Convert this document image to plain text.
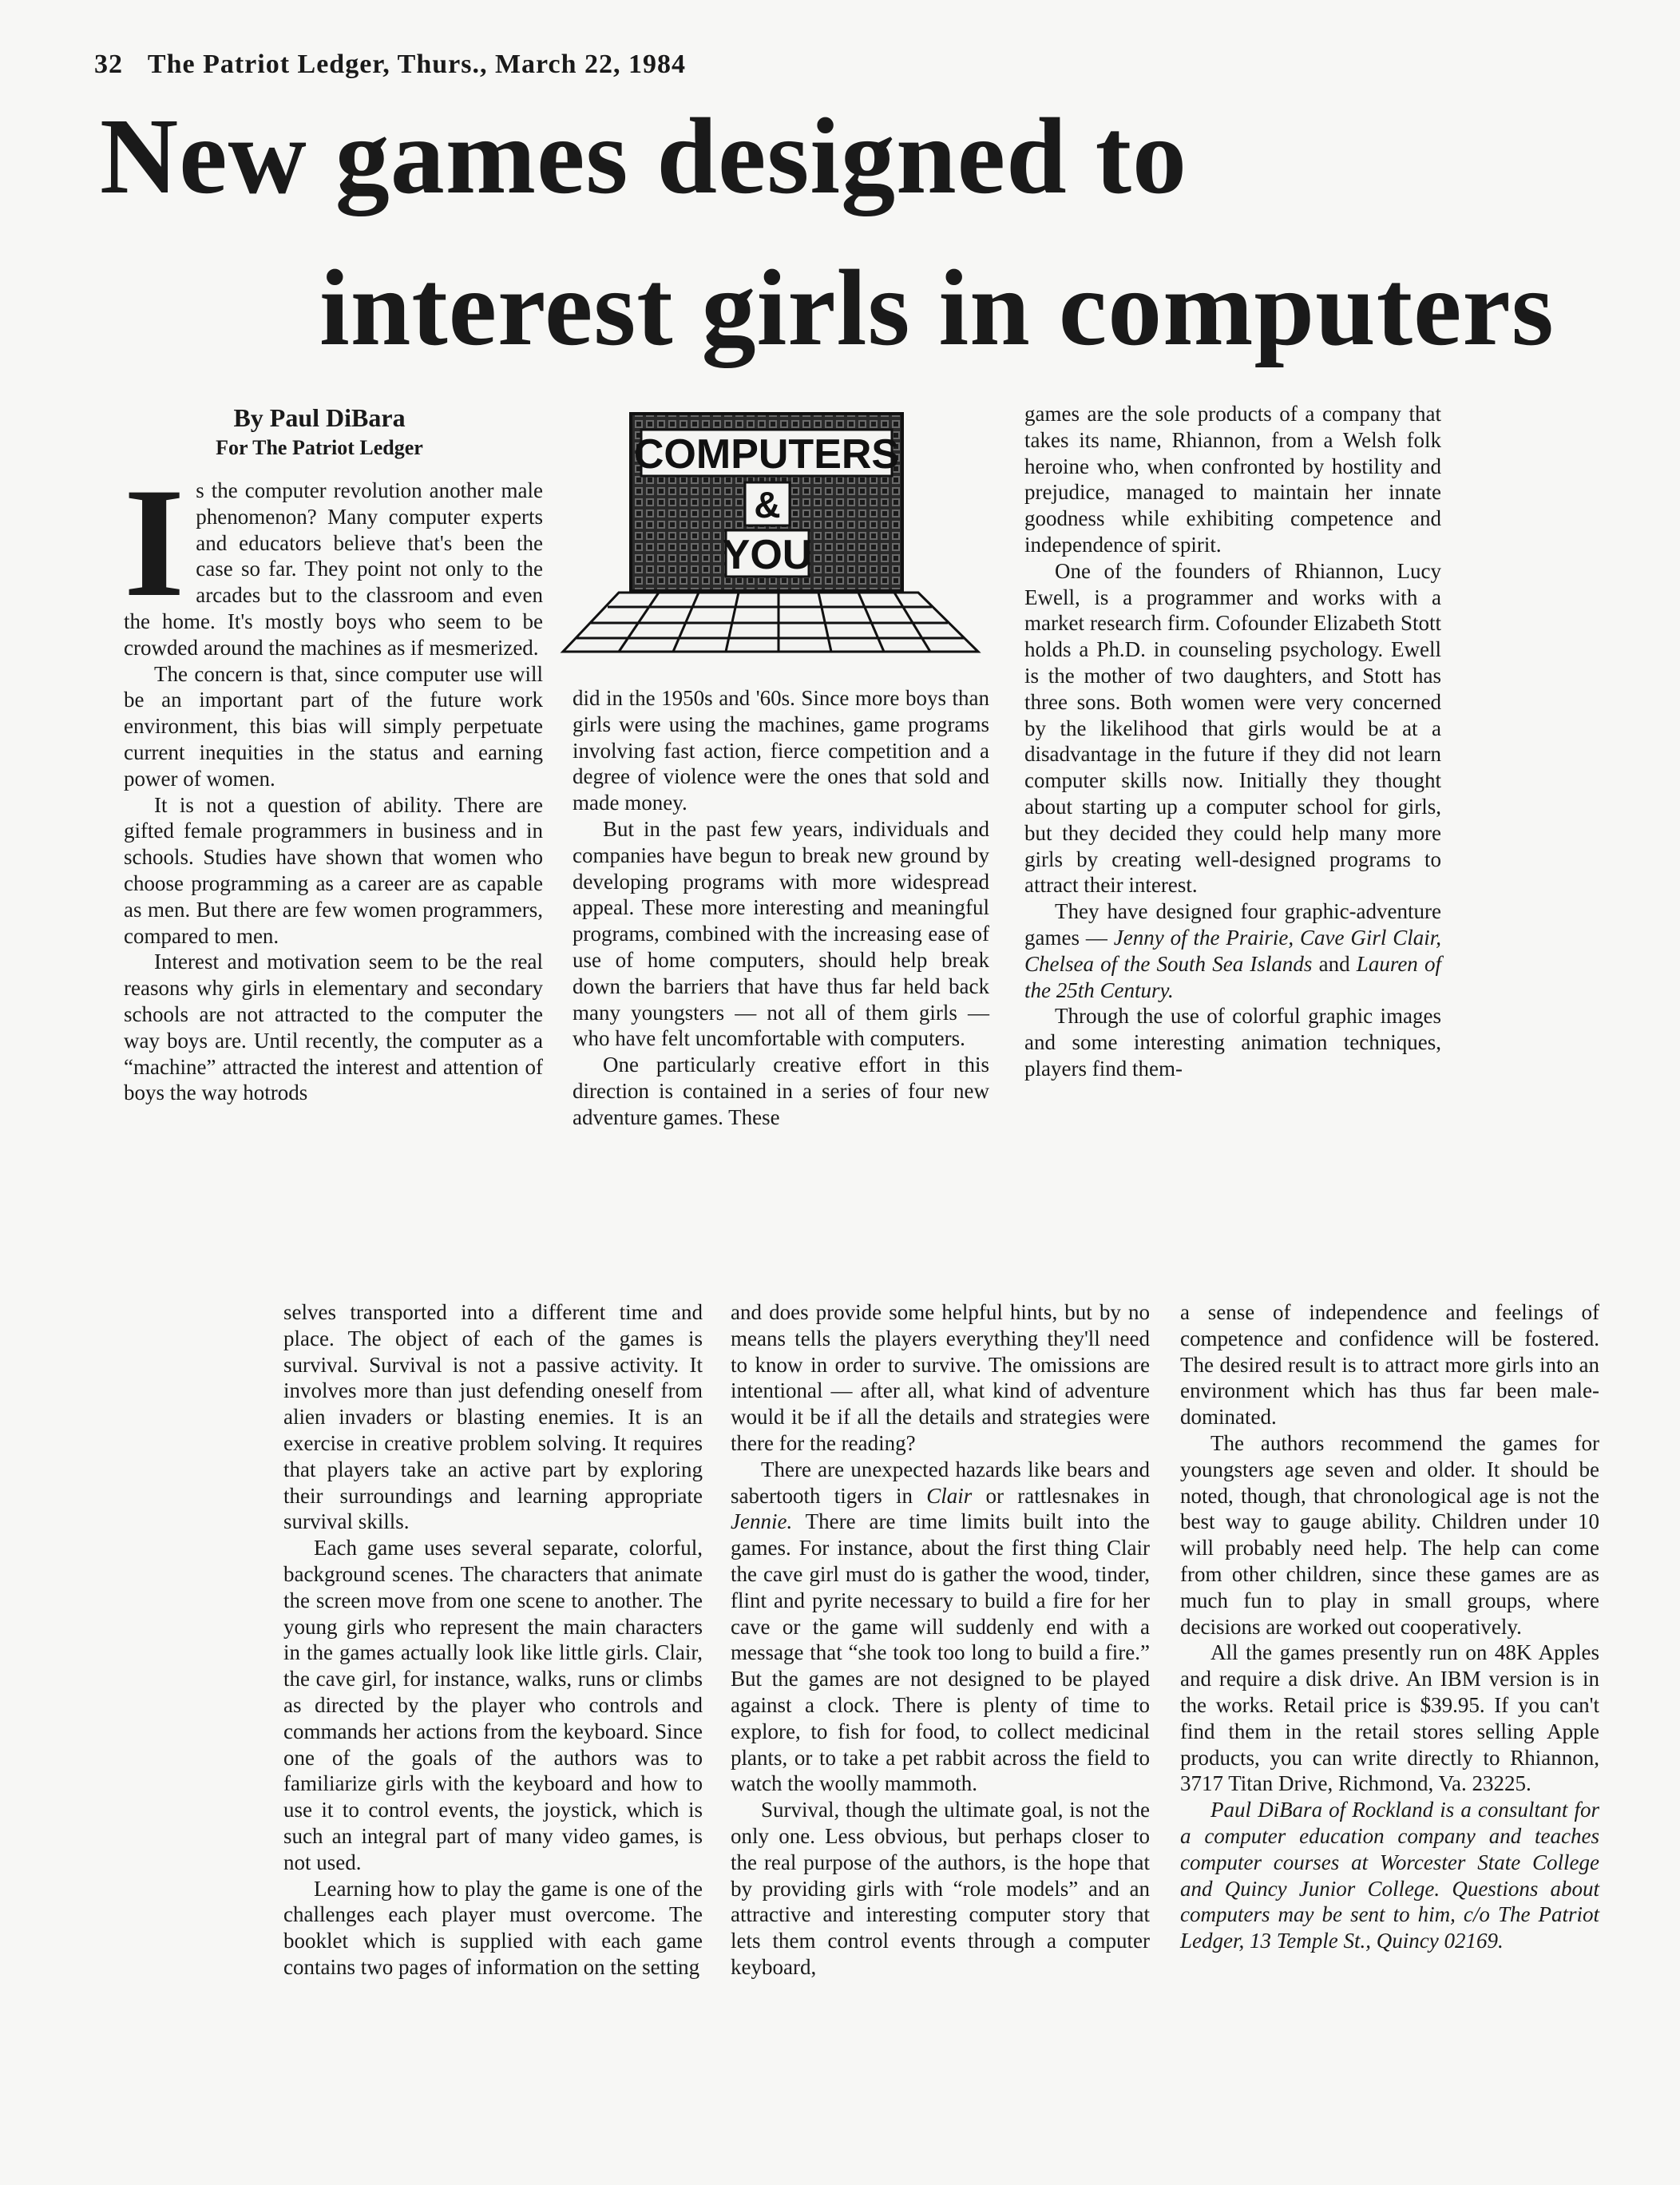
32 The Patriot Ledger, Thurs., March 22, 1984
New games designed to
interest girls in computers
By Paul DiBara
For The Patriot Ledger	COMPUTERS
&
YOU

Is the computer revolution another male phenomenon? Many computer experts and educators believe that's been the case so far. They point not only to the arcades but to the classroom and even the home. It's mostly boys who seem to be crowded around the machines as if mesmerized.

The concern is that, since computer use will be an important part of the future work environment, this bias will simply perpetuate current inequities in the status and earning power of women.

It is not a question of ability. There are gifted female programmers in business and in schools. Studies have shown that women who choose programming as a career are as capable as men. But there are few women programmers, compared to men.

Interest and motivation seem to be the real reasons why girls in elementary and secondary schools are not attracted to the computer the way boys are. Until recently, the computer as a “machine” attracted the interest and attention of boys the way hotrods

did in the 1950s and '60s. Since more boys than girls were using the machines, game programs involving fast action, fierce competition and a degree of violence were the ones that sold and made money.

But in the past few years, individuals and companies have begun to break new ground by developing programs with more widespread appeal. These more interesting and meaningful programs, combined with the increasing ease of use of home computers, should help break down the barriers that have thus far held back many youngsters — not all of them girls — who have felt uncomfortable with computers.

One particularly creative effort in this direction is contained in a series of four new adventure games. These

games are the sole products of a company that takes its name, Rhiannon, from a Welsh folk heroine who, when confronted by hostility and prejudice, managed to maintain her innate goodness while exhibiting competence and independence of spirit.

One of the founders of Rhiannon, Lucy Ewell, is a programmer and works with a market research firm. Cofounder Elizabeth Stott holds a Ph.D. in counseling psychology. Ewell is the mother of two daughters, and Stott has three sons. Both women were very concerned by the likelihood that girls would be at a disadvantage in the future if they did not learn computer skills now. Initially they thought about starting up a computer school for girls, but they decided they could help many more girls by creating well-designed programs to attract their interest.

They have designed four graphic-adventure games — Jenny of the Prairie, Cave Girl Clair, Chelsea of the South Sea Islands and Lauren of the 25th Century.

Through the use of colorful graphic images and some interesting animation techniques, players find them-

selves transported into a different time and place. The object of each of the games is survival. Survival is not a passive activity. It involves more than just defending oneself from alien invaders or blasting enemies. It is an exercise in creative problem solving. It requires that players take an active part by exploring their surroundings and learning appropriate survival skills.

Each game uses several separate, colorful, background scenes. The characters that animate the screen move from one scene to another. The young girls who represent the main characters in the games actually look like little girls. Clair, the cave girl, for instance, walks, runs or climbs as directed by the player who controls and commands her actions from the keyboard. Since one of the goals of the authors was to familiarize girls with the keyboard and how to use it to control events, the joystick, which is such an integral part of many video games, is not used.

Learning how to play the game is one of the challenges each player must overcome. The booklet which is supplied with each game contains two pages of information on the setting

and does provide some helpful hints, but by no means tells the players everything they'll need to know in order to survive. The omissions are intentional — after all, what kind of adventure would it be if all the details and strategies were there for the reading?

There are unexpected hazards like bears and sabertooth tigers in Clair or rattlesnakes in Jennie. There are time limits built into the games. For instance, about the first thing Clair the cave girl must do is gather the wood, tinder, flint and pyrite necessary to build a fire for her cave or the game will suddenly end with a message that “she took too long to build a fire.” But the games are not designed to be played against a clock. There is plenty of time to explore, to fish for food, to collect medicinal plants, or to take a pet rabbit across the field to watch the woolly mammoth.

Survival, though the ultimate goal, is not the only one. Less obvious, but perhaps closer to the real purpose of the authors, is the hope that by providing girls with “role models” and an attractive and interesting computer story that lets them control events through a computer keyboard,

a sense of independence and feelings of competence and confidence will be fostered. The desired result is to attract more girls into an environment which has thus far been male-dominated.

The authors recommend the games for youngsters age seven and older. It should be noted, though, that chronological age is not the best way to gauge ability. Children under 10 will probably need help. The help can come from other children, since these games are as much fun to play in small groups, where decisions are worked out cooperatively.

All the games presently run on 48K Apples and require a disk drive. An IBM version is in the works. Retail price is $39.95. If you can't find them in the retail stores selling Apple products, you can write directly to Rhiannon, 3717 Titan Drive, Richmond, Va. 23225.

Paul DiBara of Rockland is a consultant for a computer education company and teaches computer courses at Worcester State College and Quincy Junior College. Questions about computers may be sent to him, c/o The Patriot Ledger, 13 Temple St., Quincy 02169.
